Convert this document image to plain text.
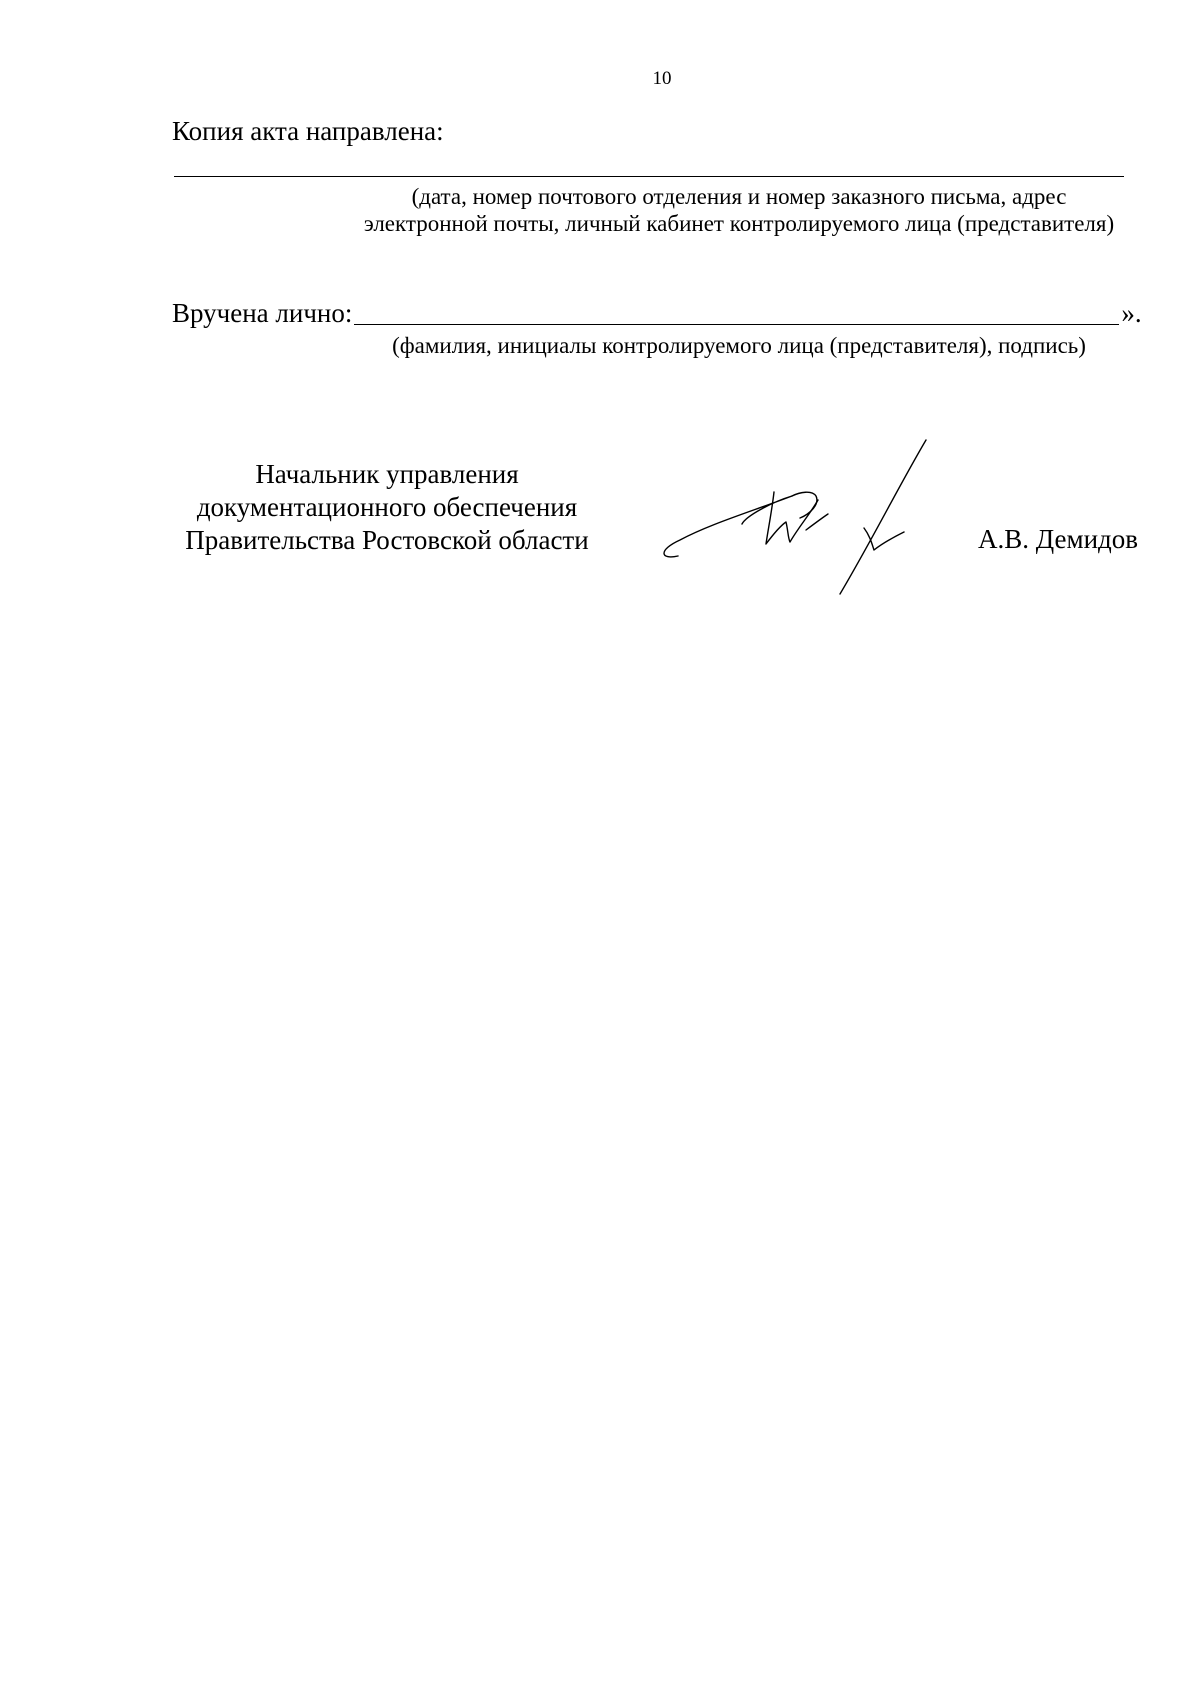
10
Копия акта направлена:
(дата, номер почтового отделения и номер заказного письма, адрес
электронной почты, личный кабинет контролируемого лица (представителя)
Вручена лично:	».
(фамилия, инициалы контролируемого лица (представителя), подпись)
Начальник управления
документационного обеспечения
Правительства Ростовской области	А.В. Демидов
